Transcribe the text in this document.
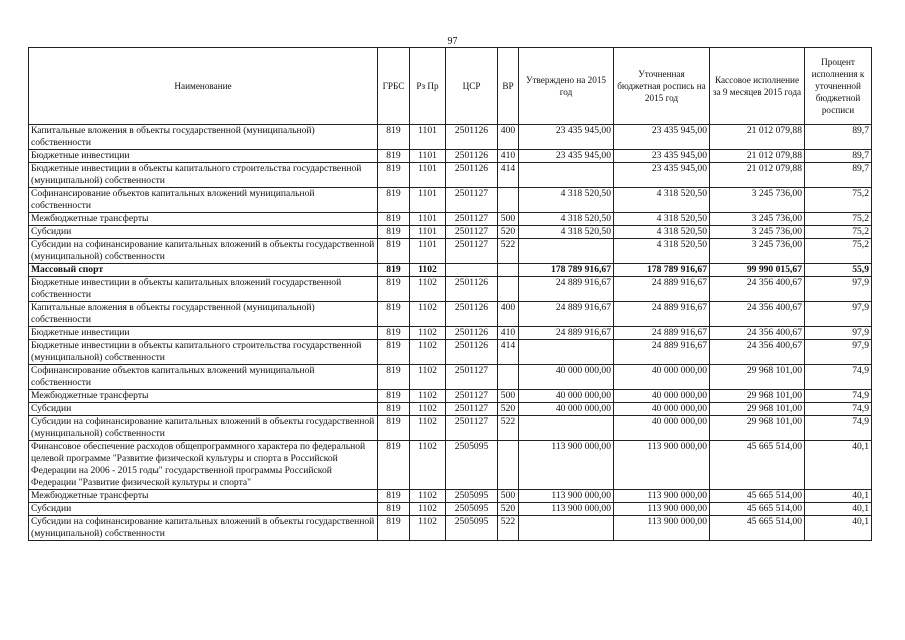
97
Наименование	ГРБС	Рз Пр	ЦСР	ВР	Утверждено на 2015 год	Уточненная бюджетная роспись на 2015 год	Кассовое исполнение за 9 месяцев 2015 года	Процент исполнения к уточненной бюджетной росписи
Капитальные вложения в объекты государственной (муниципальной) собственности	819	1101	2501126	400	23 435 945,00	23 435 945,00	21 012 079,88	89,7
Бюджетные инвестиции	819	1101	2501126	410	23 435 945,00	23 435 945,00	21 012 079,88	89,7
Бюджетные инвестиции в объекты капитального строительства государственной (муниципальной) собственности	819	1101	2501126	414		23 435 945,00	21 012 079,88	89,7
Софинансирование объектов капитальных вложений муниципальной собственности	819	1101	2501127		4 318 520,50	4 318 520,50	3 245 736,00	75,2
Межбюджетные трансферты	819	1101	2501127	500	4 318 520,50	4 318 520,50	3 245 736,00	75,2
Субсидии	819	1101	2501127	520	4 318 520,50	4 318 520,50	3 245 736,00	75,2
Субсидии на софинансирование капитальных вложений в объекты государственной (муниципальной) собственности	819	1101	2501127	522		4 318 520,50	3 245 736,00	75,2
Массовый спорт	819	1102			178 789 916,67	178 789 916,67	99 990 015,67	55,9
Бюджетные инвестиции в объекты капитальных вложений государственной собственности	819	1102	2501126		24 889 916,67	24 889 916,67	24 356 400,67	97,9
Капитальные вложения в объекты государственной (муниципальной) собственности	819	1102	2501126	400	24 889 916,67	24 889 916,67	24 356 400,67	97,9
Бюджетные инвестиции	819	1102	2501126	410	24 889 916,67	24 889 916,67	24 356 400,67	97,9
Бюджетные инвестиции в объекты капитального строительства государственной (муниципальной) собственности	819	1102	2501126	414		24 889 916,67	24 356 400,67	97,9
Софинансирование объектов капитальных вложений муниципальной собственности	819	1102	2501127		40 000 000,00	40 000 000,00	29 968 101,00	74,9
Межбюджетные трансферты	819	1102	2501127	500	40 000 000,00	40 000 000,00	29 968 101,00	74,9
Субсидии	819	1102	2501127	520	40 000 000,00	40 000 000,00	29 968 101,00	74,9
Субсидии на софинансирование капитальных вложений в объекты государственной (муниципальной) собственности	819	1102	2501127	522		40 000 000,00	29 968 101,00	74,9
Финансовое обеспечение расходов общепрограммного характера по федеральной целевой программе "Развитие физической культуры и спорта в Российской Федерации на 2006 - 2015 годы" государственной программы Российской Федерации "Развитие физической культуры и спорта"	819	1102	2505095		113 900 000,00	113 900 000,00	45 665 514,00	40,1
Межбюджетные трансферты	819	1102	2505095	500	113 900 000,00	113 900 000,00	45 665 514,00	40,1
Субсидии	819	1102	2505095	520	113 900 000,00	113 900 000,00	45 665 514,00	40,1
Субсидии на софинансирование капитальных вложений в объекты государственной (муниципальной) собственности	819	1102	2505095	522		113 900 000,00	45 665 514,00	40,1
